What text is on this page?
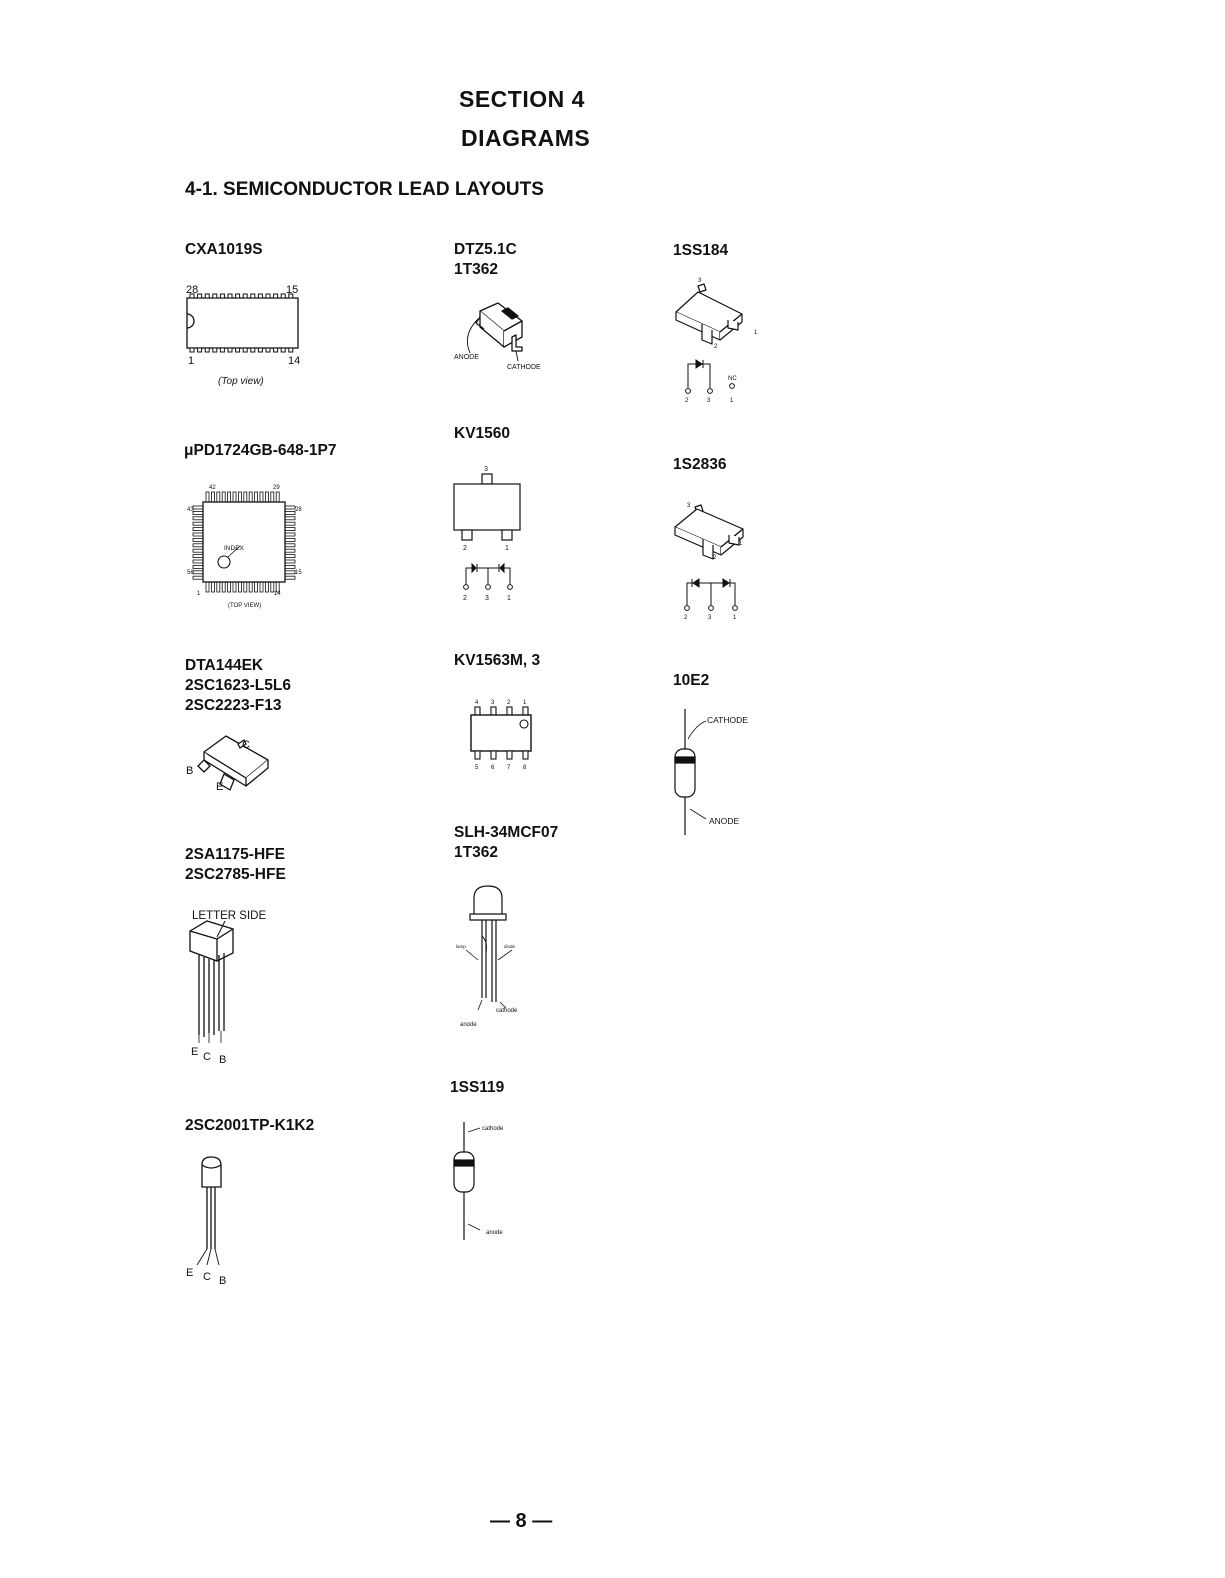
SECTION 4
DIAGRAMS
4-1. SEMICONDUCTOR LEAD LAYOUTS
CXA1019S
28	15
1	14
(Top view)
μPD1724GB-648-1P7
INDEX
42	29
43	28
56	15
1	14
(TOP VIEW)
DTA144EK
2SC1623-L5L6
2SC2223-F13
C
B
E
2SA1175-HFE
2SC2785-HFE
LETTER SIDE
E C B
2SC2001TP-K1K2
E C B
DTZ5.1C
1T362
ANODE
CATHODE
KV1560
3
2	1
2	3	1
KV1563M, 3
4 3 2 1
5 6 7 8
SLH-34MCF07
1T362
lamp	diode
cathode
anode
1SS119
cathode
anode
1SS184
3
2
1
NC
2	3	1
1S2836
3
2
1
2	3	1
10E2
CATHODE
ANODE
— 8 —
